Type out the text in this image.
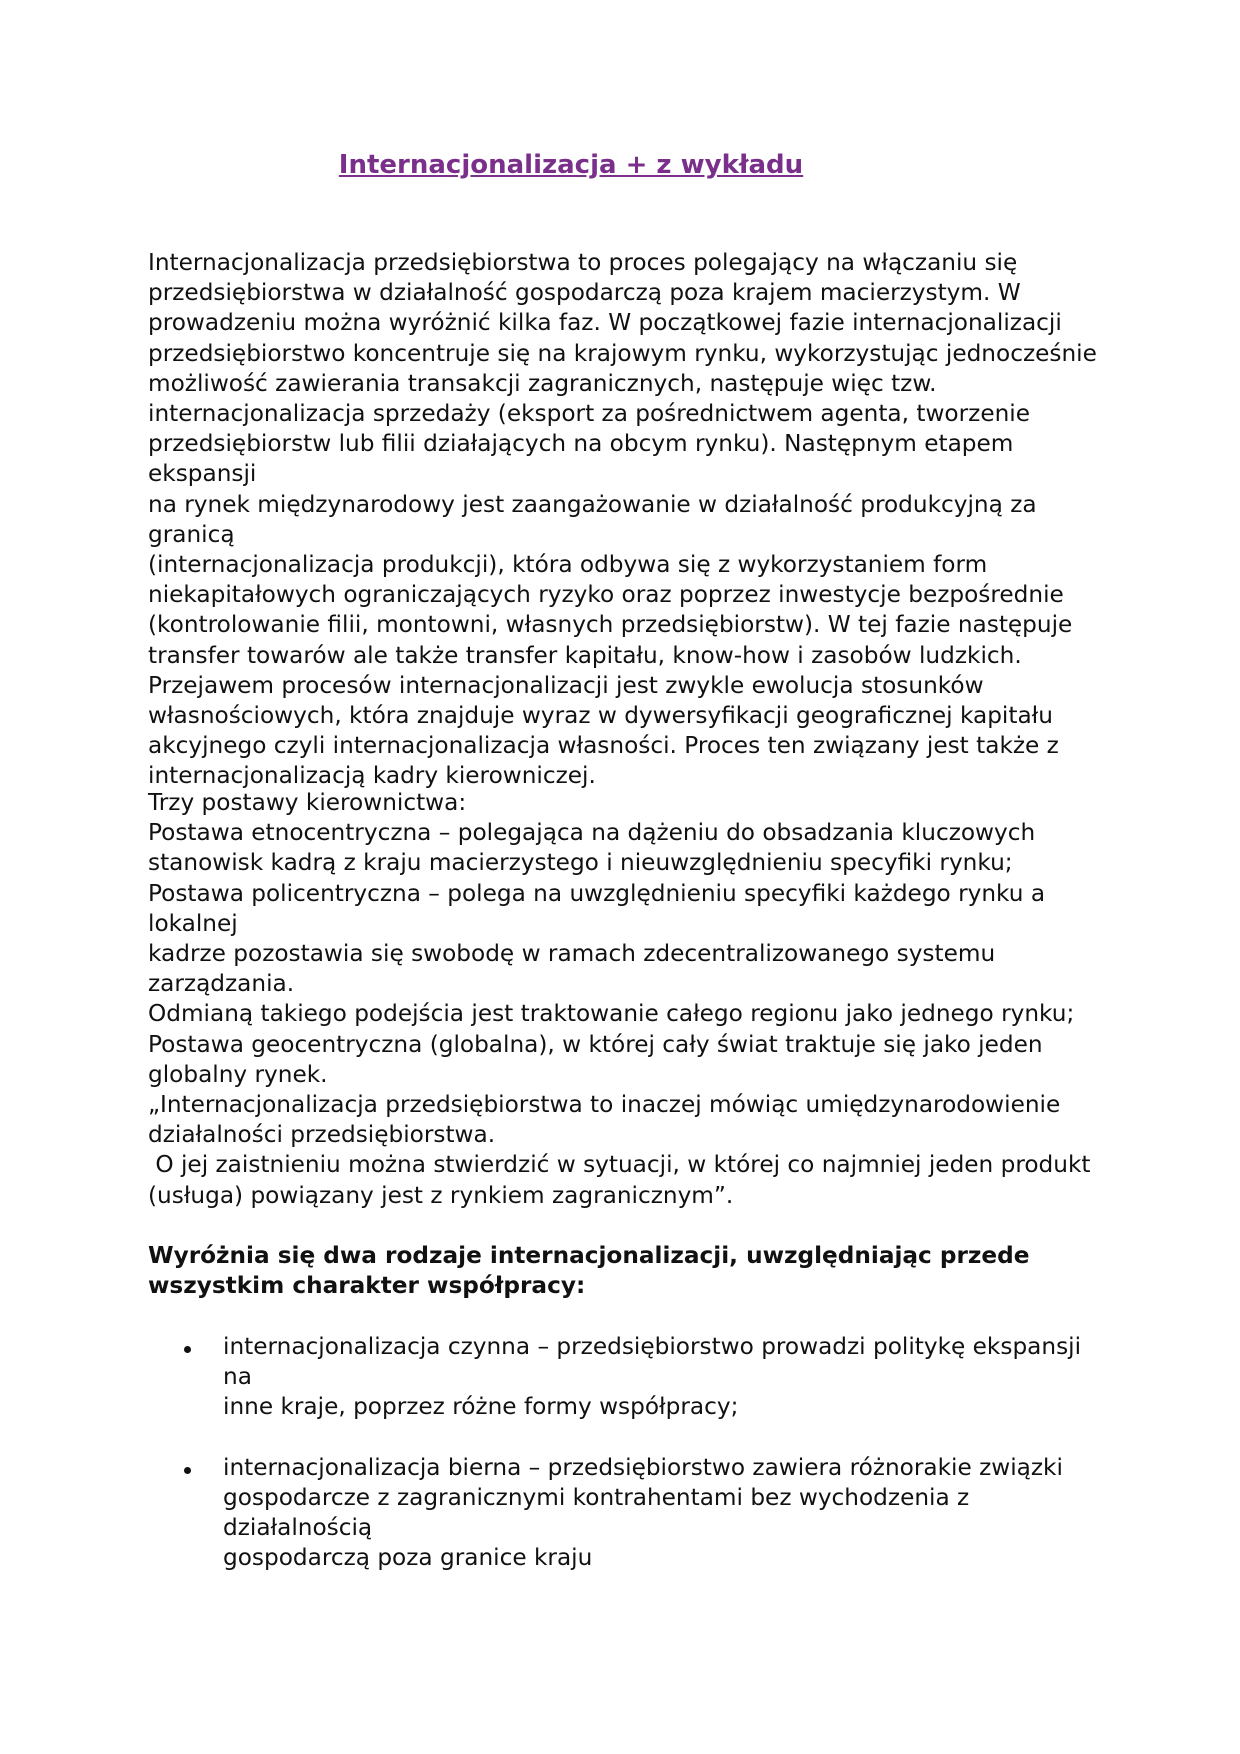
Internacjonalizacja + z wykładu

Internacjonalizacja przedsiębiorstwa to proces polegający na włączaniu się

przedsiębiorstwa w działalność gospodarczą poza krajem macierzystym. W

prowadzeniu można wyróżnić kilka faz. W początkowej fazie internacjonalizacji

przedsiębiorstwo koncentruje się na krajowym rynku, wykorzystując jednocześnie

możliwość zawierania transakcji zagranicznych, następuje więc tzw.

internacjonalizacja sprzedaży (eksport za pośrednictwem agenta, tworzenie

przedsiębiorstw lub filii działających na obcym rynku). Następnym etapem ekspansji

na rynek międzynarodowy jest zaangażowanie w działalność produkcyjną za granicą

(internacjonalizacja produkcji), która odbywa się z wykorzystaniem form

niekapitałowych ograniczających ryzyko oraz poprzez inwestycje bezpośrednie

(kontrolowanie filii, montowni, własnych przedsiębiorstw). W tej fazie następuje

transfer towarów ale także transfer kapitału, know-how i zasobów ludzkich.

Przejawem procesów internacjonalizacji jest zwykle ewolucja stosunków

własnościowych, która znajduje wyraz w dywersyfikacji geograficznej kapitału

akcyjnego czyli internacjonalizacja własności. Proces ten związany jest także z

internacjonalizacją kadry kierowniczej.

Trzy postawy kierownictwa:

Postawa etnocentryczna – polegająca na dążeniu do obsadzania kluczowych

stanowisk kadrą z kraju macierzystego i nieuwzględnieniu specyfiki rynku;

Postawa policentryczna – polega na uwzględnieniu specyfiki każdego rynku a lokalnej

kadrze pozostawia się swobodę w ramach zdecentralizowanego systemu zarządzania.

Odmianą takiego podejścia jest traktowanie całego regionu jako jednego rynku;

Postawa geocentryczna (globalna), w której cały świat traktuje się jako jeden

globalny rynek.

„Internacjonalizacja przedsiębiorstwa to inaczej mówiąc umiędzynarodowienie

działalności przedsiębiorstwa.

O jej zaistnieniu można stwierdzić w sytuacji, w której co najmniej jeden produkt

(usługa) powiązany jest z rynkiem zagranicznym”.

Wyróżnia się dwa rodzaje internacjonalizacji, uwzględniając przede

wszystkim charakter współpracy:

internacjonalizacja czynna – przedsiębiorstwo prowadzi politykę ekspansji na
inne kraje, poprzez różne formy współpracy;
internacjonalizacja bierna – przedsiębiorstwo zawiera różnorakie związki
gospodarcze z zagranicznymi kontrahentami bez wychodzenia z działalnością
gospodarczą poza granice kraju
